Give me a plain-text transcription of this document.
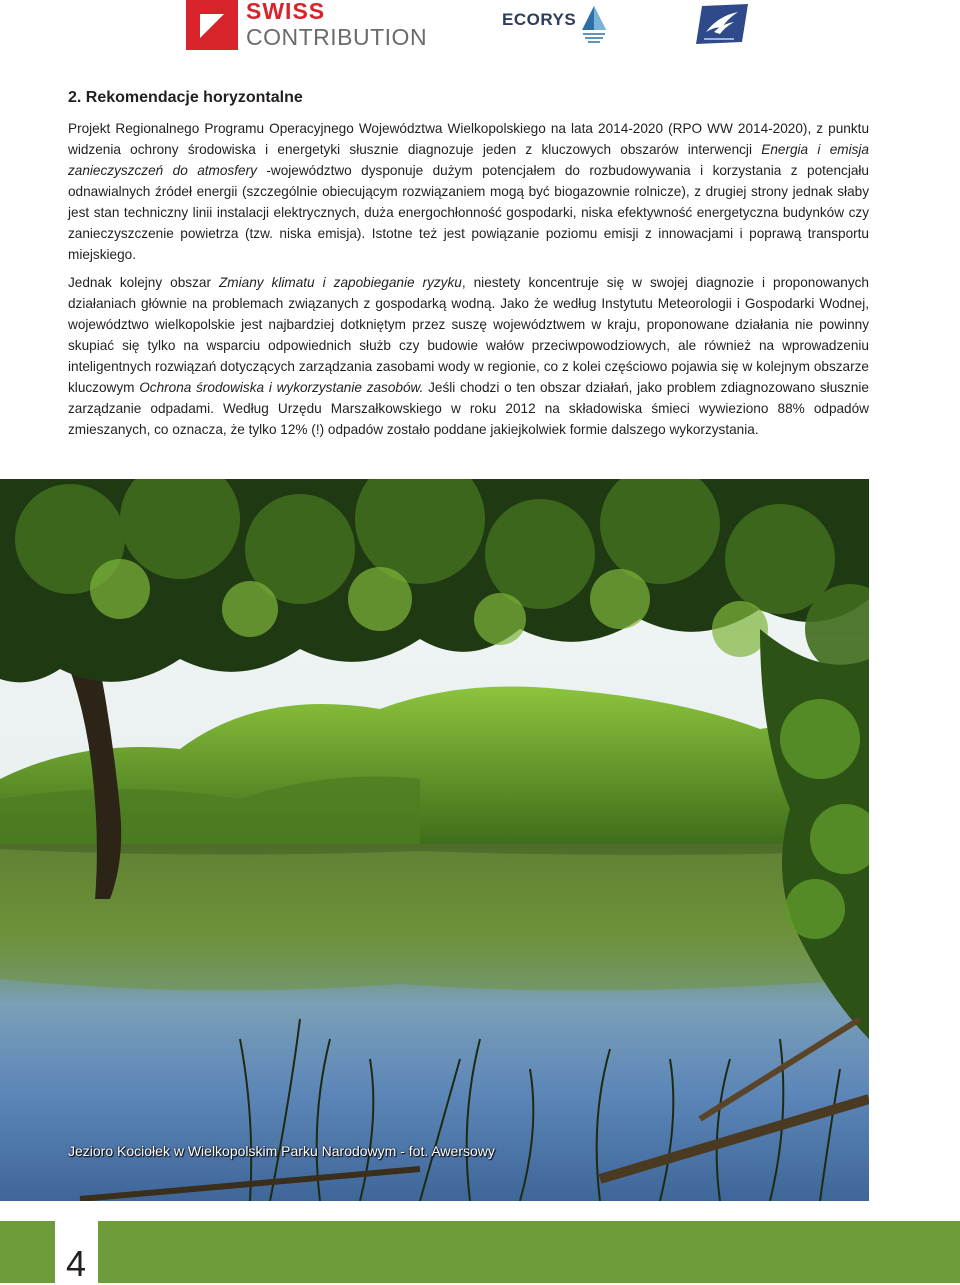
SWISS
CONTRIBUTION
ECORYS
2. Rekomendacje horyzontalne

Projekt Regionalnego Programu Operacyjnego Województwa Wielkopolskiego na lata 2014-2020 (RPO WW 2014-2020), z punktu widzenia ochrony środowiska i energetyki słusznie diagnozuje jeden z kluczowych obszarów interwencji Energia i emisja zanieczyszczeń do atmosfery -województwo dysponuje dużym potencjałem do rozbudowywania i korzystania z potencjału odnawialnych źródeł energii (szczególnie obiecującym rozwiązaniem mogą być biogazownie rolnicze), z drugiej strony jednak słaby jest stan techniczny linii instalacji elektrycznych, duża energochłonność gospodarki, niska efektywność energetyczna budynków czy zanieczyszczenie powietrza (tzw. niska emisja). Istotne też jest powiązanie poziomu emisji z innowacjami i poprawą transportu miejskiego.

Jednak kolejny obszar Zmiany klimatu i zapobieganie ryzyku, niestety koncentruje się w swojej diagnozie i proponowanych działaniach głównie na problemach związanych z gospodarką wodną. Jako że według Instytutu Meteorologii i Gospodarki Wodnej, województwo wielkopolskie jest najbardziej dotkniętym przez suszę województwem w kraju, proponowane działania nie powinny skupiać się tylko na wsparciu odpowiednich służb czy budowie wałów przeciwpowodziowych, ale również na wprowadzeniu inteligentnych rozwiązań dotyczących zarządzania zasobami wody w regionie, co z kolei częściowo pojawia się w kolejnym obszarze kluczowym Ochrona środowiska i wykorzystanie zasobów. Jeśli chodzi o ten obszar działań, jako problem zdiagnozowano słusznie zarządzanie odpadami. Według Urzędu Marszałkowskiego w roku 2012 na składowiska śmieci wywieziono 88% odpadów zmieszanych, co oznacza, że tylko 12% (!) odpadów zostało poddane jakiejkolwiek formie dalszego wykorzystania.

Jezioro Kociołek w Wielkopolskim Parku Narodowym - fot. Awersowy
4
